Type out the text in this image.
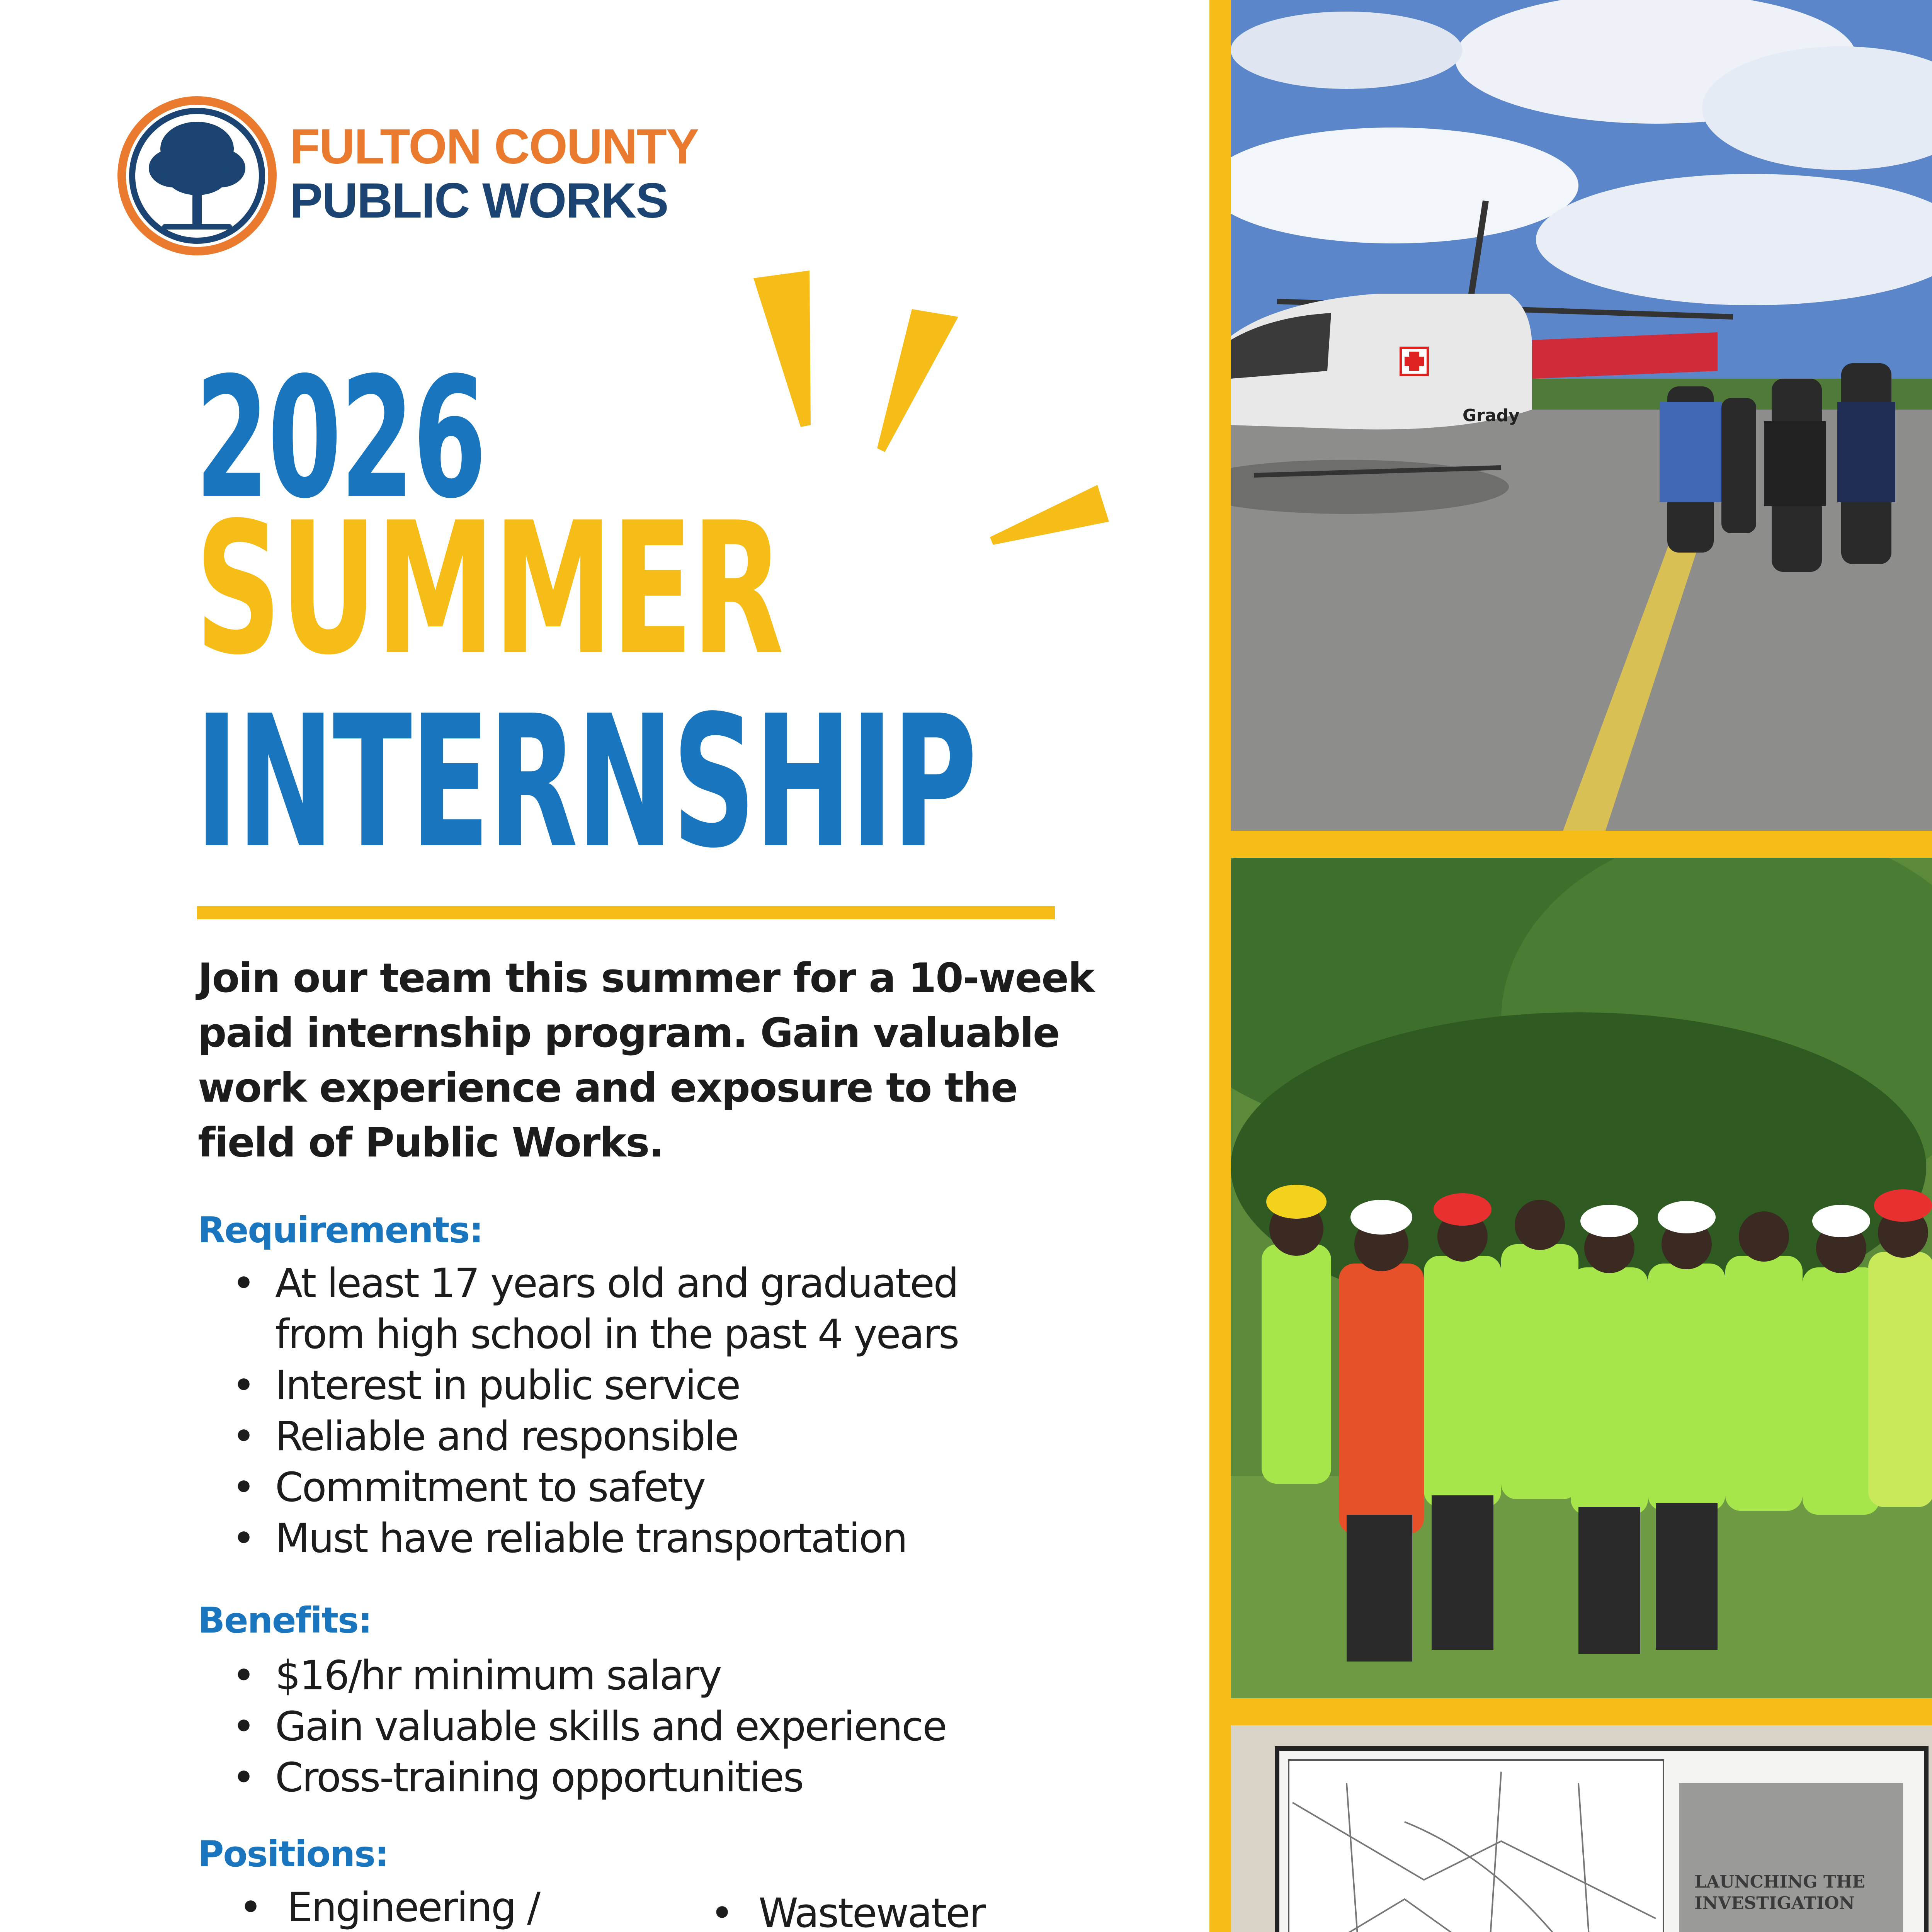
FULTON COUNTY
PUBLIC WORKS
2026
SUMMER
INTERNSHIP
Join our team this summer for a 10-week
paid internship program. Gain valuable
work experience and exposure to the
field of Public Works.
Requirements:
• At least 17 years old and graduated
from high school in the past 4 years
• Interest in public service
• Reliable and responsible
• Commitment to safety
• Must have reliable transportation
Benefits:
• $16/hr minimum salary
• Gain valuable skills and experience
• Cross-training opportunities
Positions:
• Engineering /
•	Wastewater
Grady
LAUNCHING THE
INVESTIGATION
